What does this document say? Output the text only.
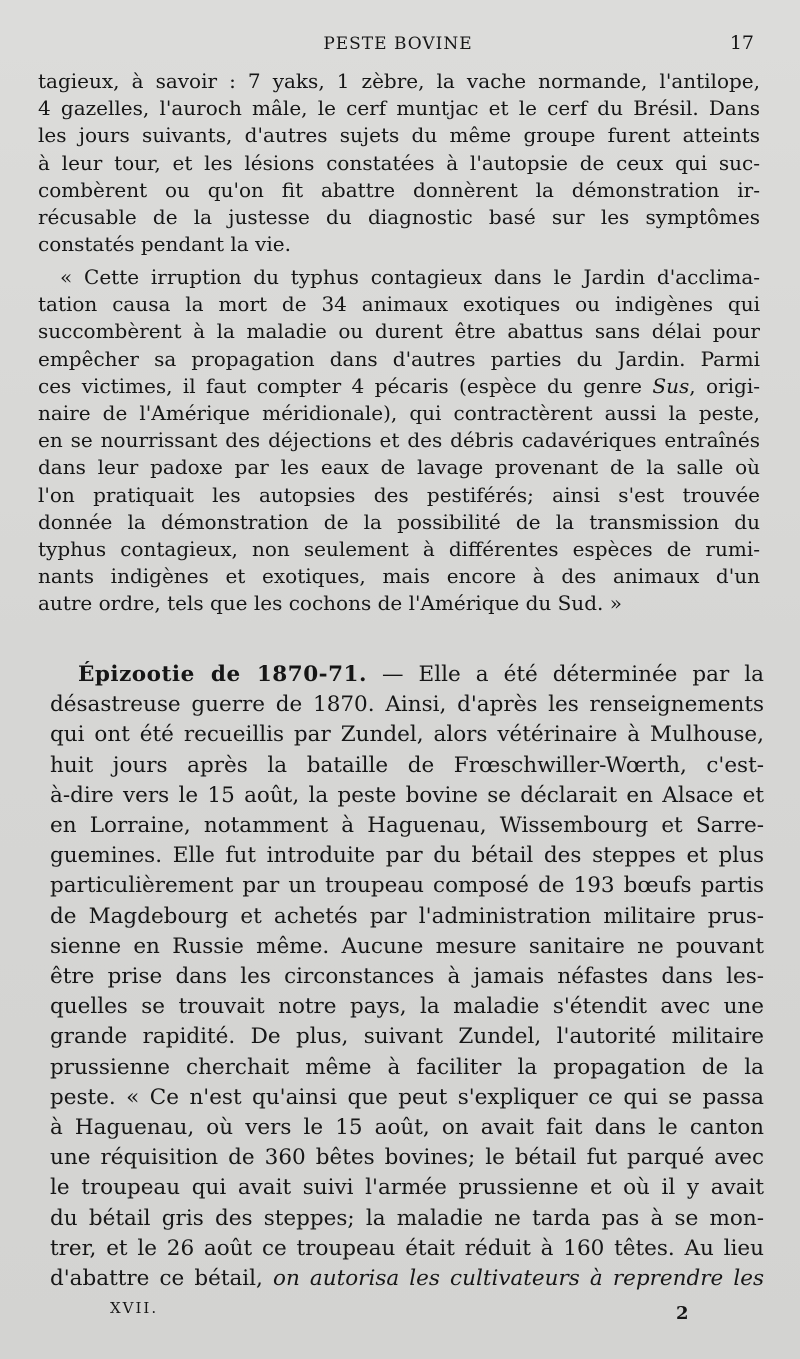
PESTE BOVINE	17
tagieux, à savoir : 7 yaks, 1 zèbre, la vache normande, l'antilope,
4 gazelles, l'auroch mâle, le cerf muntjac et le cerf du Brésil. Dans
les jours suivants, d'autres sujets du même groupe furent atteints
à leur tour, et les lésions constatées à l'autopsie de ceux qui suc-
combèrent ou qu'on fit abattre donnèrent la démonstration ir-
récusable de la justesse du diagnostic basé sur les symptômes
constatés pendant la vie.
« Cette irruption du typhus contagieux dans le Jardin d'acclima-
tation causa la mort de 34 animaux exotiques ou indigènes qui
succombèrent à la maladie ou durent être abattus sans délai pour
empêcher sa propagation dans d'autres parties du Jardin. Parmi
ces victimes, il faut compter 4 pécaris (espèce du genre Sus, origi-
naire de l'Amérique méridionale), qui contractèrent aussi la peste,
en se nourrissant des déjections et des débris cadavériques entraînés
dans leur padoxe par les eaux de lavage provenant de la salle où
l'on pratiquait les autopsies des pestiférés; ainsi s'est trouvée
donnée la démonstration de la possibilité de la transmission du
typhus contagieux, non seulement à différentes espèces de rumi-
nants indigènes et exotiques, mais encore à des animaux d'un
autre ordre, tels que les cochons de l'Amérique du Sud. »
Épizootie de 1870-71. — Elle a été déterminée par la
désastreuse guerre de 1870. Ainsi, d'après les renseignements
qui ont été recueillis par Zundel, alors vétérinaire à Mulhouse,
huit jours après la bataille de Frœschwiller-Wœrth, c'est-
à-dire vers le 15 août, la peste bovine se déclarait en Alsace et
en Lorraine, notamment à Haguenau, Wissembourg et Sarre-
guemines. Elle fut introduite par du bétail des steppes et plus
particulièrement par un troupeau composé de 193 bœufs partis
de Magdebourg et achetés par l'administration militaire prus-
sienne en Russie même. Aucune mesure sanitaire ne pouvant
être prise dans les circonstances à jamais néfastes dans les-
quelles se trouvait notre pays, la maladie s'étendit avec une
grande rapidité. De plus, suivant Zundel, l'autorité militaire
prussienne cherchait même à faciliter la propagation de la
peste. « Ce n'est qu'ainsi que peut s'expliquer ce qui se passa
à Haguenau, où vers le 15 août, on avait fait dans le canton
une réquisition de 360 bêtes bovines; le bétail fut parqué avec
le troupeau qui avait suivi l'armée prussienne et où il y avait
du bétail gris des steppes; la maladie ne tarda pas à se mon-
trer, et le 26 août ce troupeau était réduit à 160 têtes. Au lieu
d'abattre ce bétail, on autorisa les cultivateurs à reprendre les
XVII.	2
